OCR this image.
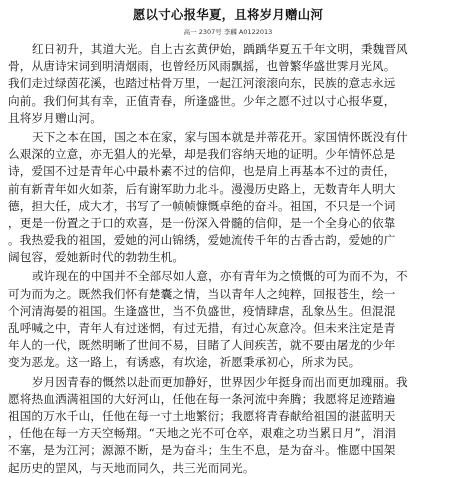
愿以寸心报华夏，且将岁月赠山河
高一 2307号 李麟 A0122013
红日初升，其道大光。自上古玄黄伊始，踽踽华夏五千年文明，秉魏晋风
骨，从唐诗宋词到明清烟雨，也曾经历风雨飘摇，也曾繁华盛世霁月光风。
我们走过绿茵花溪，也踏过枯骨万里，一起江河滚滚向东，民族的意志永远
向前。我们何其有幸，正值青春，所逢盛世。少年之愿不过以寸心报华夏，
且将岁月赠山河。
天下之本在国，国之本在家，家与国本就是并蒂花开。家国情怀既没有什
么艰深的立意，亦无猖人的光晕，却是我们容纳天地的证明。少年情怀总是
诗，爱国不过是青年心中最朴素不过的信仰，也是肩上再基本不过的责任，
前有新青年如火如荼，后有谢军助力北斗。漫漫历史路上，无数青年人明大
德，担大任，成大才，书写了一帧帧慷慨卓绝的奋斗。祖国，不只是一个词
，更是一份置之于口的欢喜，是一份深入骨髓的信仰，是一个全身心的依靠
。我热爱我的祖国，爱她的河山锦绣，爱她流传千年的古香古韵，爱她的广
阔包容，爱她新时代的勃勃生机。
或许现在的中国并不全部尽如人意，亦有青年为之愤慨的可为而不为，不
可为而为之。既然我们怀有楚囊之情，当以青年人之纯粹，回报苍生，绘一
个河清海晏的祖国。生逢盛世，当不负盛世，疫情肆虐，乱象丛生。但混混
乱呼喊之中，青年人有过迷惘，有过无措，有过心灰意冷。但未来注定是青
年人的一代，既然明晰了世间不易，目睹了人间疾苦，就不要由屠龙的少年
变为恶龙。这一路上，有诱惑，有坎途，祈愿秉承初心，所求为民。
岁月因青春的慨然以赴而更加静好，世界因少年挺身而出而更加瑰丽。我
愿将热血洒满祖国的大好河山，任他在每一条河流中奔腾；我愿将足迹踏遍
祖国的万水千山，任他在每一寸土地繁衍；我愿将青春献给祖国的湛蓝明天
，任他在每一方天空畅翔。“天地之光不可仓卒，艰难之功当累日月”，涓涓
不塞，是为江河；源源不断，是为奋斗；生生不息，是为奋斗。惟愿中国架
起历史的罡风，与天地而同久，共三光而同光。
